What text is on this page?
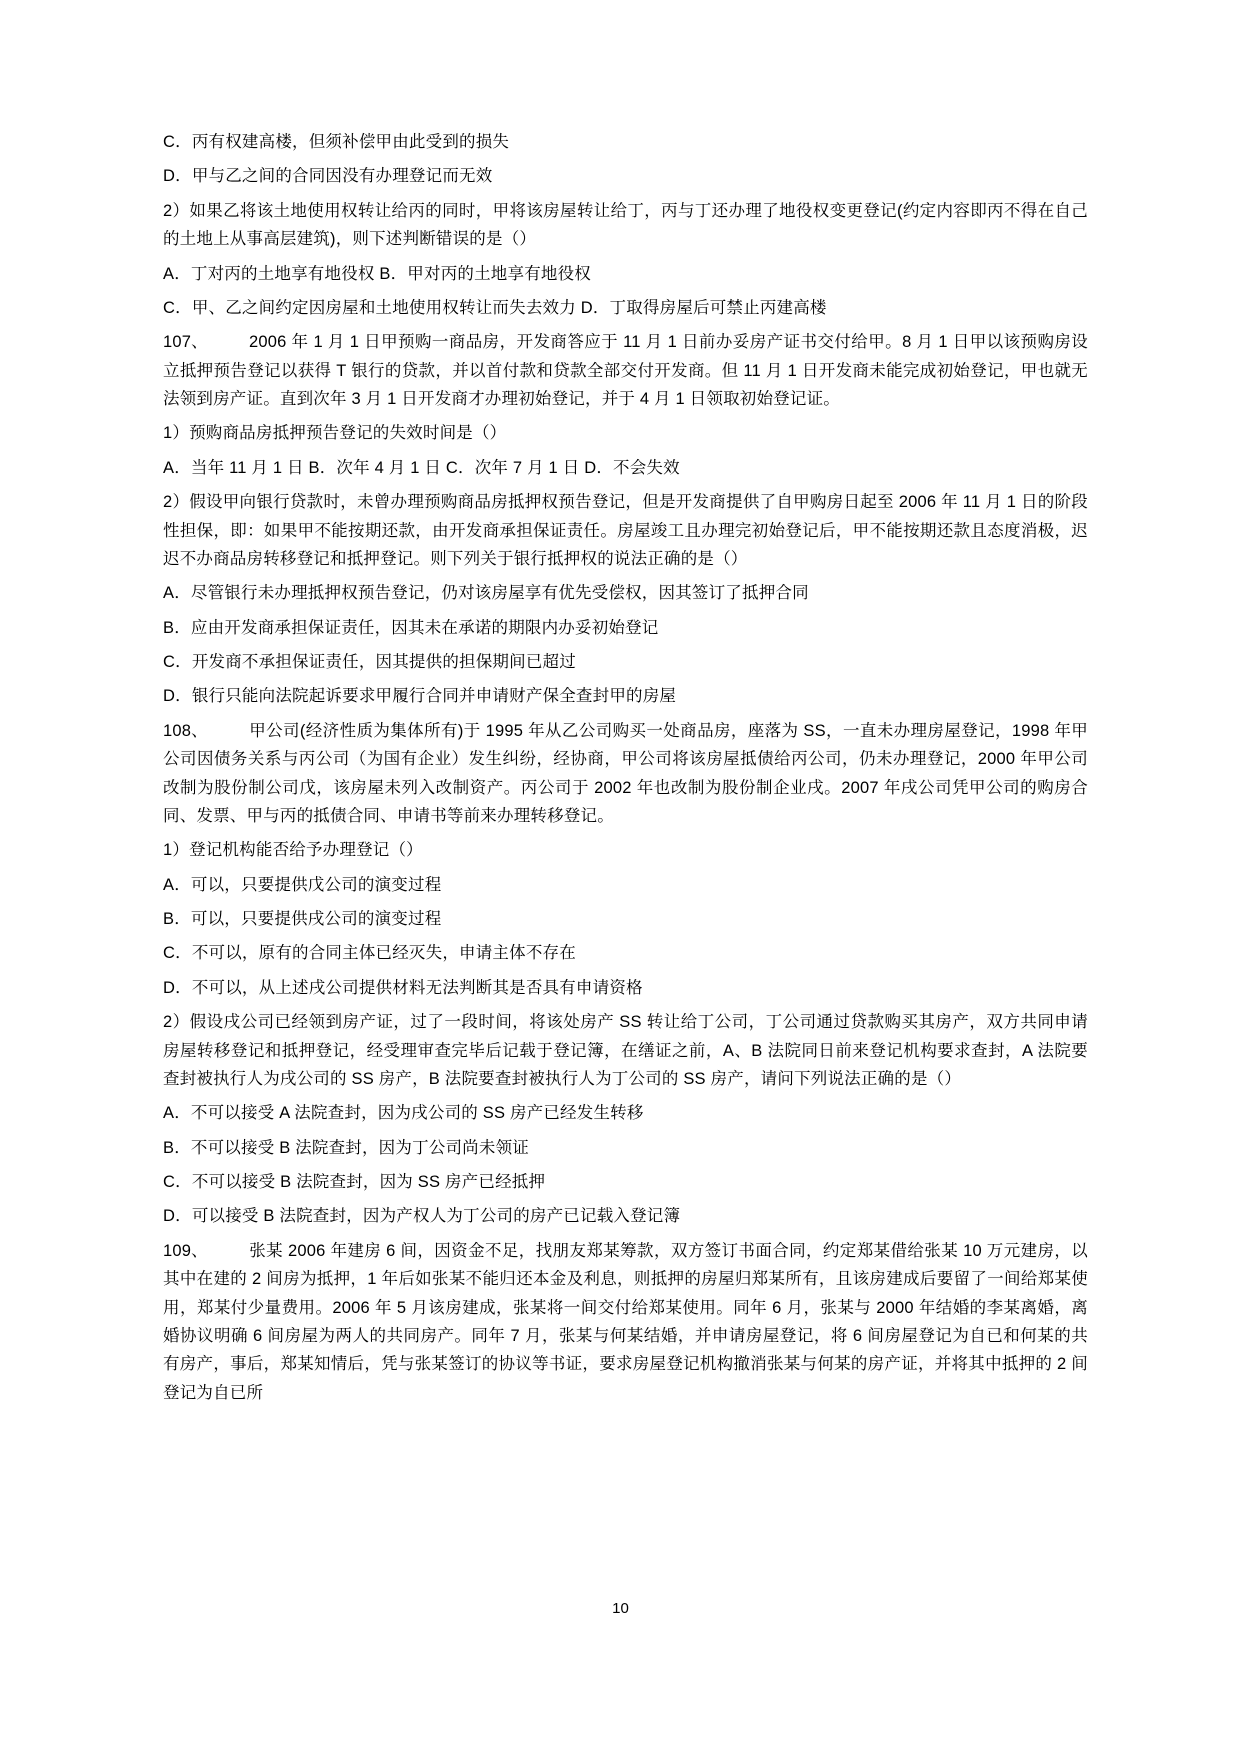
C．丙有权建高楼，但须补偿甲由此受到的损失

D．甲与乙之间的合同因没有办理登记而无效

2）如果乙将该土地使用权转让给丙的同时，甲将该房屋转让给丁，丙与丁还办理了地役权变更登记(约定内容即丙不得在自己的土地上从事高层建筑)，则下述判断错误的是（）

A．丁对丙的土地享有地役权 B．甲对丙的土地享有地役权

C．甲、乙之间约定因房屋和土地使用权转让而失去效力 D．丁取得房屋后可禁止丙建高楼

107、 2006 年 1 月 1 日甲预购一商品房，开发商答应于 11 月 1 日前办妥房产证书交付给甲。8 月 1 日甲以该预购房设立抵押预告登记以获得 T 银行的贷款，并以首付款和贷款全部交付开发商。但 11 月 1 日开发商未能完成初始登记，甲也就无法领到房产证。直到次年 3 月 1 日开发商才办理初始登记，并于 4 月 1 日领取初始登记证。

1）预购商品房抵押预告登记的失效时间是（）

A．当年 11 月 1 日 B．次年 4 月 1 日 C．次年 7 月 1 日 D．不会失效

2）假设甲向银行贷款时，未曾办理预购商品房抵押权预告登记，但是开发商提供了自甲购房日起至 2006 年 11 月 1 日的阶段性担保，即：如果甲不能按期还款，由开发商承担保证责任。房屋竣工且办理完初始登记后，甲不能按期还款且态度消极，迟迟不办商品房转移登记和抵押登记。则下列关于银行抵押权的说法正确的是（）

A．尽管银行未办理抵押权预告登记，仍对该房屋享有优先受偿权，因其签订了抵押合同

B．应由开发商承担保证责任，因其未在承诺的期限内办妥初始登记

C．开发商不承担保证责任，因其提供的担保期间已超过

D．银行只能向法院起诉要求甲履行合同并申请财产保全查封甲的房屋

108、 甲公司(经济性质为集体所有)于 1995 年从乙公司购买一处商品房，座落为 SS，一直未办理房屋登记，1998 年甲公司因债务关系与丙公司（为国有企业）发生纠纷，经协商，甲公司将该房屋抵债给丙公司，仍未办理登记，2000 年甲公司改制为股份制公司戊，该房屋未列入改制资产。丙公司于 2002 年也改制为股份制企业戌。2007 年戌公司凭甲公司的购房合同、发票、甲与丙的抵债合同、申请书等前来办理转移登记。

1）登记机构能否给予办理登记（）

A．可以，只要提供戊公司的演变过程

B．可以，只要提供戌公司的演变过程

C．不可以，原有的合同主体已经灭失，申请主体不存在

D．不可以，从上述戌公司提供材料无法判断其是否具有申请资格

2）假设戌公司已经领到房产证，过了一段时间，将该处房产 SS 转让给丁公司，丁公司通过贷款购买其房产，双方共同申请房屋转移登记和抵押登记，经受理审查完毕后记载于登记簿，在缮证之前，A、B 法院同日前来登记机构要求查封，A 法院要查封被执行人为戌公司的 SS 房产，B 法院要查封被执行人为丁公司的 SS 房产，请问下列说法正确的是（）

A．不可以接受 A 法院查封，因为戌公司的 SS 房产已经发生转移

B．不可以接受 B 法院查封，因为丁公司尚未领证

C．不可以接受 B 法院查封，因为 SS 房产已经抵押

D．可以接受 B 法院查封，因为产权人为丁公司的房产已记载入登记簿

109、 张某 2006 年建房 6 间，因资金不足，找朋友郑某筹款，双方签订书面合同，约定郑某借给张某 10 万元建房，以其中在建的 2 间房为抵押，1 年后如张某不能归还本金及利息，则抵押的房屋归郑某所有，且该房建成后要留了一间给郑某使用，郑某付少量费用。2006 年 5 月该房建成，张某将一间交付给郑某使用。同年 6 月，张某与 2000 年结婚的李某离婚，离婚协议明确 6 间房屋为两人的共同房产。同年 7 月，张某与何某结婚，并申请房屋登记，将 6 间房屋登记为自已和何某的共有房产，事后，郑某知情后，凭与张某签订的协议等书证，要求房屋登记机构撤消张某与何某的房产证，并将其中抵押的 2 间登记为自已所

10
